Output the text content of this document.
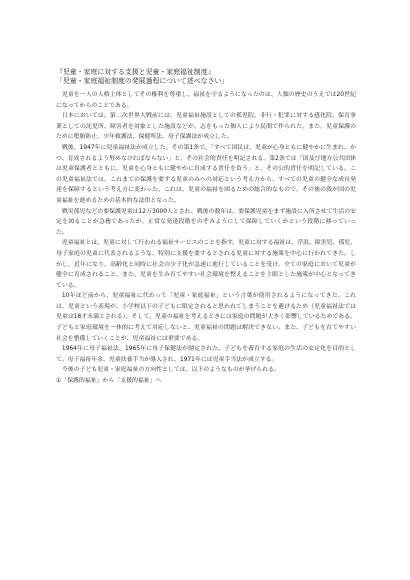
『児童・家庭に対する支援と児童・家庭福祉制度』

「児童・家庭福祉制度の発展過程について述べなさい」

児童を一人の人格主体としてその権利を尊重し、福祉を守るようになったのは、人類の歴史のうえでは20世紀になってからのことである。

日本においては、第二次世界大戦前には、児童福祉施設としての孤児院、非行・犯罪に対する感化院、保育事業としての託児所、障害者を対象とした施設などが、志をもった個人により民間で作られた。また、児童保護のために堕胎防止、少年救護法、保健所法、母子保護法が成立した。

戦後、1947年に児童福祉法が成立した。その第1条で、「すべて国民は、児童が心身ともに健やかに生まれ、かつ、育成されるよう努めなければならない」と、その社会的責任を明記される。第2条では「国及び地方公共団体は児童保護者とともに、児童を心身ともに健やかに育成する責任を負う」と、その公的責任を明記している。この児童福祉法では、これまでの保護を要する児童のみへの対応という考え方から、すべての児童の健全な成長発達を保障するという考え方に変わった。これは、児童の福祉を図るための総合的なもので、その後の我が国の児童福祉を進めるための基本的な法律となった。

戦災孤児などの要保護児童は12万3000人とされ、戦後の数年は、要保護児童をまず施設に入所させて生活の安定を図ることが急務であったが、正常な発達段階をのぞみようにして保障していくかという段階に移っていった。

児童福祉とは、児童に対して行われる福祉サービスのことを指す。児童に対する福祉は、浮浪、障害児、孤児、母子家庭の児童に代表されるような、特別に支援を要するとされる児童に対する施策を中心に行われてきた。しかし、近年になり、高齢化と同時に社会の少子化が急速に進行していることを受け、全ての家庭において児童が健全に育成されること、また、児童を生み育てやすい社会環境を整えることを主眼とした施策が中心となってきている。

10年ほど前から、児童福祉に代わって「児童・家庭福祉」という言葉が使用されるようになってきた。これは、児童という表現が、小学校以下の子どもに限定されると思われてしまうことを避けるため（児童福祉法では児童は18才未満とされる）、そして、児童の福祉を考えるときには家庭の問題が大きく影響しているためである。子どもと家庭環境を一体的に考えて対応しないと、児童福祉の問題は解決できない。また、子どもを育てやすい社会を整備していくことが、児童福祉には重要である。

1964年に母子福祉法、1965年に母子保健法が制定された。子どもを養育する家庭の生活の安定化を目的として、母子福祉年金、児童扶養手当が導入され、1971年には児童手当法が成立する。

今後の子ども児童・家庭福祉の方向性としては、以下のようなものが挙げられる。

①「保護的福祉」から「支援的福祉」へ
